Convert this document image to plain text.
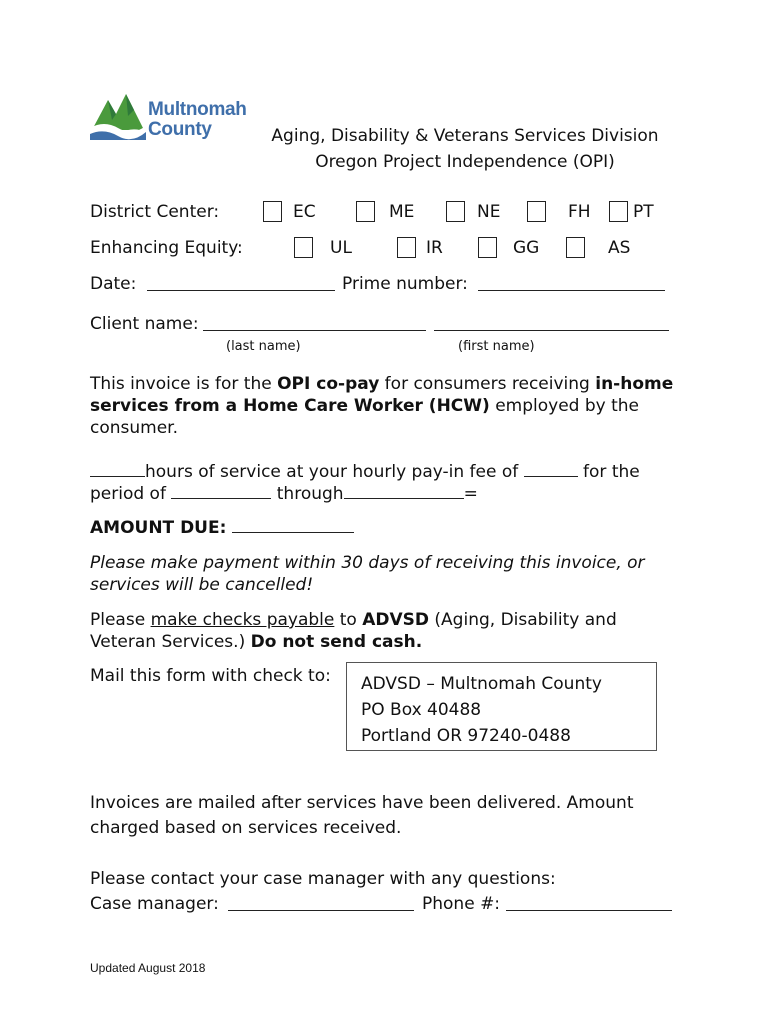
Multnomah
County	Aging, Disability & Veterans Services Division
Oregon Project Independence (OPI)
District Center:	EC	ME	NE	FH PT
Enhancing Equity:	UL	IR	GG	AS
Date:	Prime number:
Client name:
(last name)	(first name)
This invoice is for the OPI co-pay for consumers receiving in-home services from a Home Care Worker (HCW) employed by the consumer.
hours of service at your hourly pay-in fee of	for the
period of	through	=
AMOUNT DUE:
Please make payment within 30 days of receiving this invoice, or services will be cancelled!
Please make checks payable to ADVSD (Aging, Disability and Veteran Services.) Do not send cash.
Mail this form with check to: ADVSD – Multnomah County
PO Box 40488
Portland OR 97240-0488
Invoices are mailed after services have been delivered. Amount
charged based on services received.
Please contact your case manager with any questions:
Case manager:	Phone #:
Updated August 2018
